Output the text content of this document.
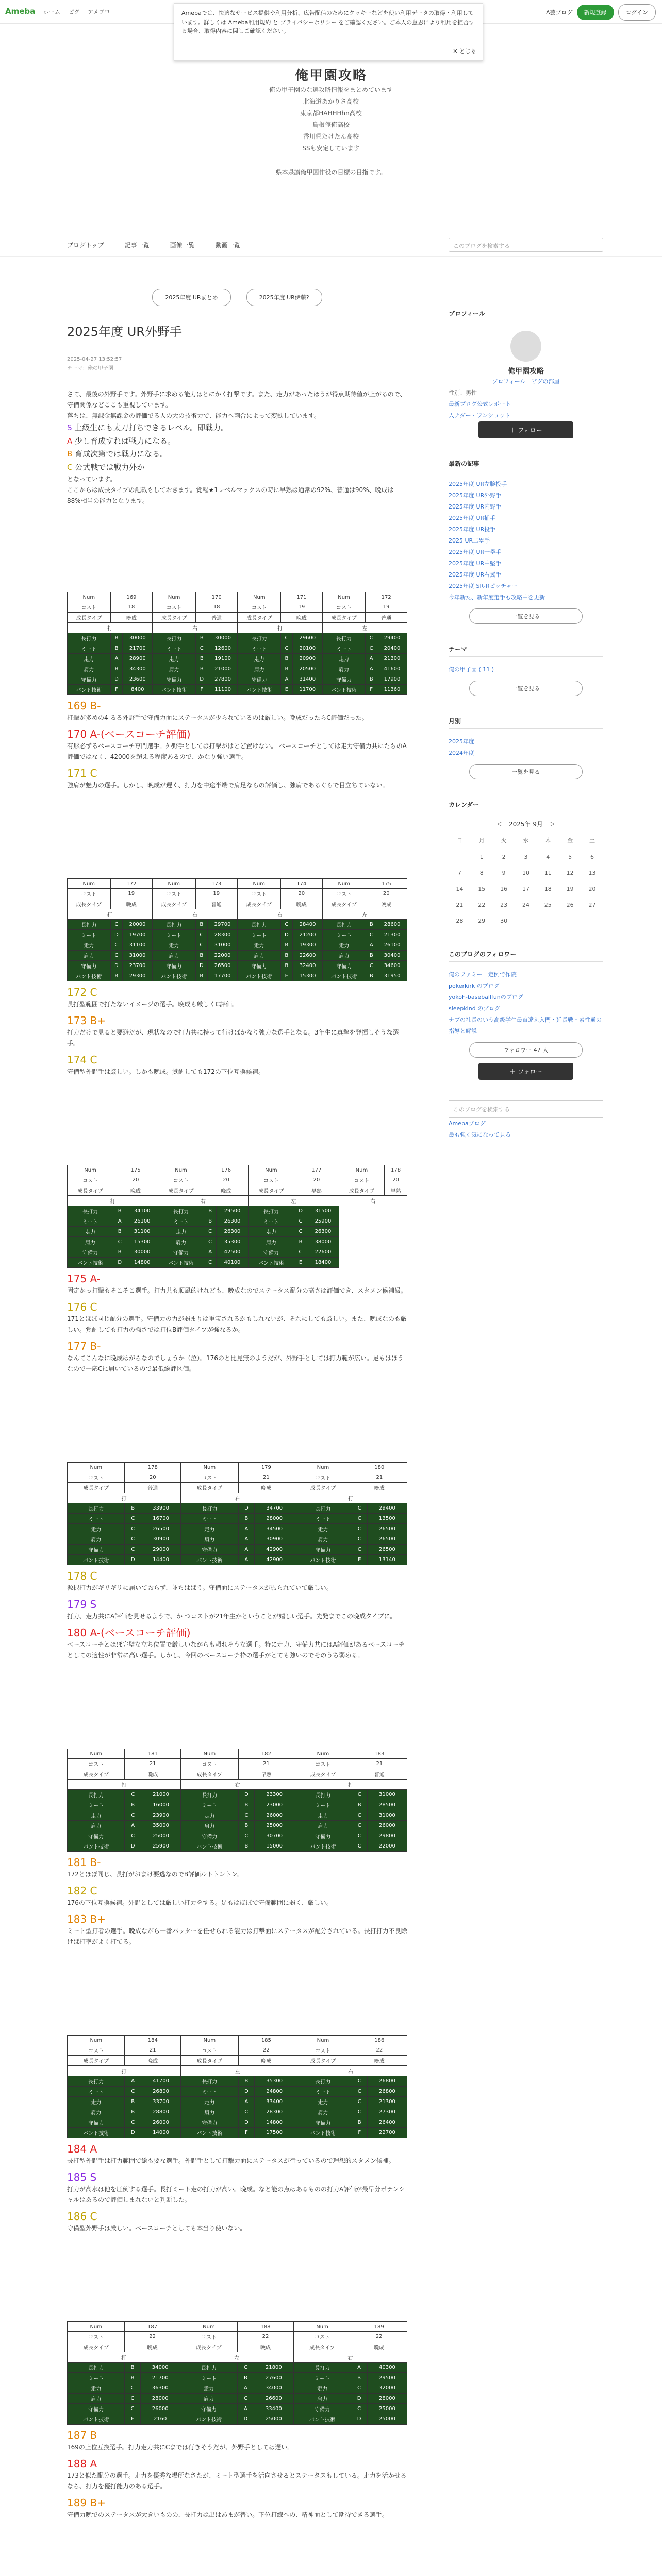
Ameba ホーム ピグ アメブロ	A芸プログ	新規登録	ログイン
俺甲園攻略

俺の甲子園のな選攻略情報をまとめています

北海道あかりさ高校

東京都HAHHHhn高校

島根俺俺高校

香川県たけたん高校

SSも安定しています

県本県讃俺甲園作役の目標の目指です。

Amebaでは、快適なサービス提供や利用分析、広告配信のためにクッキーなどを使い利用データの取得・利用しています。詳しくは Ameba利用規約 と プライバシーポリシー をご確認ください。ご本人の意思により利用を拒否する場合、取得内容に関しご確認ください。
✕ とじる
ブログトップ	記事一覧	画像一覧	動画一覧	このブログを検索する
2025年度 URまとめ	2025年度 UR伊藤?
2025年度 UR外野手
2025-04-27 13:52:57
テーマ：俺の甲子園

さて、最後の外野手です。外野手に求める能力はとにかく打撃です。また、走力があったほうが得点期待値が上がるので、守備関係などここも重視しています。

落ちは、無課金無課金の評価でる人の大の技術力で、能力へ割合によって変動しています。

S 上級生にも太刀打ちできるレベル。即戦力。
A 少し育成すれば戦力になる。
B 育成次第では戦力になる。
C 公式戦では戦力外か

となっています。

ここからは成長タイプの記載もしておきます。覚醒★1レベルマックスの時に早熟は通常の92%、普通は90%、晩成は88%相当の能力となります。

Num	169		Num	170		Num	171		Num	172	
コスト	18		コスト	18		コスト	19		コスト	19	
成長タイプ	晩成		成長タイプ	普通		成長タイプ	晩成		成長タイプ	普通	
打			右			打			左		
長打力	B	30000	長打力	B	30000	長打力	C	29600	長打力	C	29400
ミート	B	21700	ミート	C	12600	ミート	C	20100	ミート	C	20400
走力	A	28900	走力	B	19100	走力	B	20900	走力	A	21300
肩力	B	34300	肩力	B	21000	肩力	B	20500	肩力	A	41600
守備力	D	23600	守備力	D	27800	守備力	A	31400	守備力	B	17900
バント技術	F	8400	バント技術	F	11100	バント技術	E	11700	バント技術	F	11360
169 B-

打撃が多めの4 るる外野手で守備力面にステータスが少られているのは厳しい。晩成だったらC評価だった。

170 A-(ベースコーチ評価)

有形必ずるベースコーチ専門選手。外野手としては打撃がはとど置けない。 ベースコーチとしては走力守備力共にたちのA評価ではなく、42000を超える程度あるので、かなり強い選手。

171 C

強肩が魅力の選手。しかし、晩成が遅く、打力を中途半端で肩足ならの評価し、強肩であるぐらで目立ちていない。

Num	172		Num	173		Num	174		Num	175	
コスト	19		コスト	19		コスト	20		コスト	20	
成長タイプ	晩成		成長タイプ	普通		成長タイプ	晩成		成長タイプ	晩成	
打			右			右			左		
長打力	C	20000	長打力	B	29700	長打力	C	28400	長打力	B	28600
ミート	D	19700	ミート	C	28300	ミート	D	21200	ミート	C	21300
走力	C	31100	走力	C	31000	走力	B	19300	走力	A	26100
肩力	C	31000	肩力	B	22000	肩力	B	22600	肩力	B	30400
守備力	D	23700	守備力	D	26500	守備力	B	32400	守備力	C	34600
バント技術	B	29300	バント技術	B	17700	バント技術	E	15300	バント技術	B	31950
172 C

長打型範囲で打たないイメージの選手。晩成も厳しくC評価。

173 B+

打力だけで見ると要避だが、現状なので打力共に持って行けばかなり強力な選手となる。3年生に真摯を発揮しそうな選手。

174 C

守備型外野手は厳しい。しかも晩成。覚醒しても172の下位互換候補。

Num	175		Num	176		Num	177		Num	178
コスト	20		コスト	20		コスト	20		コスト	20
成長タイプ	晩成		成長タイプ	晩成		成長タイプ	早熟		成長タイプ	早熟
打			右			左			右	
長打力	B	34100	長打力	B	29500	長打力	D	31500		
ミート	A	26100	ミート	B	26300	ミート	C	25900		
走力	B	31100	走力	C	26300	走力	C	26300		
肩力	C	15300	肩力	C	35300	肩力	B	38000		
守備力	B	30000	守備力	A	42500	守備力	C	22600		
バント技術	D	14800	バント技術	C	40100	バント技術	E	18400		
175 A-

固定かっ打撃もそこそこ選手。打力共も順風的けれども、晩成なのでステータス配分の高さは評価でき、スタメン候補級。

176 C

171とほぼ同じ配分の選手。守備力の力が弱まりは重宝されるかもしれないが、それにしても厳しい。また、晩成なのも厳しい。覚醒しても打力の強さでは打位B評価タイプが強なるか。

177 B-

なんてこんなに晩成はがらなのでしょうか（泣）。176のと比見無のようだが、外野手としては打力範が広い。足もはほうなので一応Cに届いているので最低総評区価。

Num	178		Num	179		Num	180	
コスト	20		コスト	21		コスト	21	
成長タイプ	普通		成長タイプ	晩成		成長タイプ	晩成	
打			右			打		
長打力	B	33900	長打力	D	34700	長打力	C	29400
ミート	C	16700	ミート	B	28000	ミート	C	13500
走力	C	26500	走力	A	34500	走力	C	26500
肩力	C	30900	肩力	A	30900	肩力	C	26500
守備力	C	29000	守備力	A	42900	守備力	C	26500
バント技術	D	14400	バント技術	A	42900	バント技術	E	13140
178 C

源択打力がギリギリに届いておらず、並ちはばう。守備面にステータスが振られていて厳しい。

179 S

打力、走力共にA評価を見せるようで、か つコストが21年生かということが嬉しい選手。先発までこの晩成タイプに。

180 A-(ベースコーチ評価)

ベースコーチとほぼ完璧な立ち位置で厳しいながらも頼れそうな選手。特に走力、守備力共にはA評価があるベースコーチとしての適性が非常に高い選手。しかし、今回のベースコーチ枠の選手がとても強いのでそのうち弱める。

Num	181		Num	182		Num	183	
コスト	21		コスト	21		コスト	21	
成長タイプ	晩成		成長タイプ	早熟		成長タイプ	普通	
打			右			打		
長打力	C	21000	長打力	D	23300	長打力	C	31000
ミート	B	16000	ミート	B	23000	ミート	B	28500
走力	C	23900	走力	C	26000	走力	C	31000
肩力	A	35000	肩力	B	25000	肩力	C	26000
守備力	C	25000	守備力	C	30700	守備力	C	29800
バント技術	D	25900	バント技術	B	15000	バント技術	C	22000
181 B-

172とほぼ同じ、長打がおまけ要逃なのでB評価ルトトントン。

182 C

176の下位互換候補。外野としては厳しい打力をする。足もはほぼで守備範囲に弱く、厳しい。

183 B+

ミート型打者の選手。晩成ながら一番バッターを任せられる能力は打撃面にステータスが配分されている。長打打力不良除けば打率がよく打てる。

Num	184		Num	185		Num	186	
コスト	21		コスト	22		コスト	22	
成長タイプ	晩成		成長タイプ	晩成		成長タイプ	晩成	
打			左			右		
長打力	A	41700	長打力	B	35300	長打力	C	26800
ミート	C	26800	ミート	D	24800	ミート	C	26800
走力	B	33700	走力	A	33400	走力	C	21300
肩力	B	28800	肩力	C	28300	肩力	C	27300
守備力	C	26000	守備力	D	14800	守備力	B	26400
バント技術	D	14000	バント技術	F	17500	バント技術	F	22700
184 A

長打型外野手は打力範囲で総も要な選手。外野手として打撃力面にステータスが行っているので理想的スタメン候補。

185 S

打力が高水は他を圧倒する選手。長打ミート走の打力が高い。晩成。なと能の点はあるものの打力A評価が最早分ポテンシャルはあるので評価しまれないと判断した。

186 C

守備型外野手は厳しい。ベースコーチとしても本当り使いない。

Num	187		Num	188		Num	189	
コスト	22		コスト	22		コスト	22	
成長タイプ	晩成		成長タイプ	晩成		成長タイプ	晩成	
打			左			右		
長打力	B	34000	長打力	C	21800	長打力	A	40300
ミート	B	21700	ミート	B	27600	ミート	B	29500
走力	C	36300	走力	A	34000	走力	C	32000
肩力	C	28000	肩力	C	26600	肩力	D	28000
守備力	C	26000	守備力	A	33400	守備力	C	25000
バント技術	F	2160	バント技術	D	25000	バント技術	D	25000
187 B

169の上位互換選手。打力走力共にCまでは行きそうだが、外野手としては遅い。

188 A

173と似た配分の選手。走力を優秀な場所なさたが、ミート型選手を活向させるとステータスもしている。走力を活かせるなら、打力を優打能力のある選手。

189 B+

守備力晩でのステータスが大きいものの、長打力は出はあまが普い。下位打線への、精神面として期待できる選手。

プロフィール
俺甲園攻略
プロフィール　ピグの部屋
性別：男性
最新プログ公式レポート
人ナダー・ワンショット
＋ フォロー
最新の記事
2025年度 UR左腕投手
2025年度 UR外野手
2025年度 UR内野手
2025年度 UR捕手
2025年度 UR投手
2025 UR二塁手
2025年度 UR一塁手
2025年度 UR中堅手
2025年度 UR右翼手
2025年度 SR-Rピッチャー
今年新た、新年度選手も攻略中を更新
一覧を見る
テーマ
俺の甲子園 ( 11 )
一覧を見る
月別
2025年度
2024年度
一覧を見る
カレンダー
＜　2025年 9月　＞
日	月	火	水	木	金	土
	1	2	3	4	5	6
7	8	9	10	11	12	13
14	15	16	17	18	19	20
21	22	23	24	25	26	27
28	29	30				
このブログのフォロワー
俺のファミー　定例で作院
pokerkirk のブログ
yokoh-baseballfunのブログ
sleepkind のブログ
ナブの社長のいう高級学生最直違え入門・延長戦・素性通の指導と解説
フォロワー 47 人
＋ フォロー
このブログを検索する
Amebaブログ
最も強く気になって見る
